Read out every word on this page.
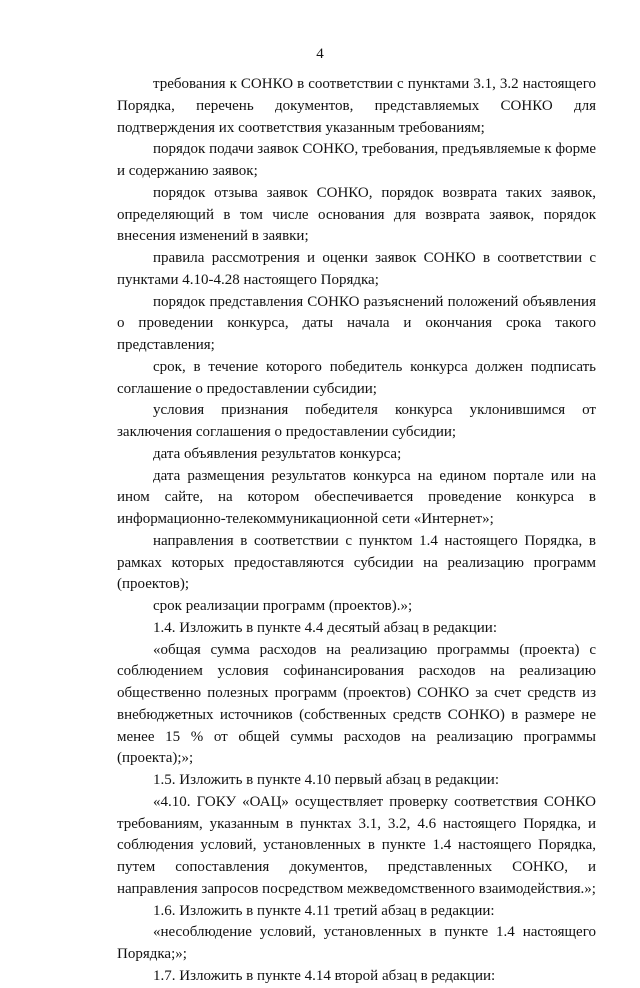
4

требования к СОНКО в соответствии с пунктами 3.1, 3.2 настоящего Порядка, перечень документов, представляемых СОНКО для подтверждения их соответствия указанным требованиям;

порядок подачи заявок СОНКО, требования, предъявляемые к форме и содержанию заявок;

порядок отзыва заявок СОНКО, порядок возврата таких заявок, определяющий в том числе основания для возврата заявок, порядок внесения изменений в заявки;

правила рассмотрения и оценки заявок СОНКО в соответствии с пунктами 4.10-4.28 настоящего Порядка;

порядок представления СОНКО разъяснений положений объявления о проведении конкурса, даты начала и окончания срока такого представления;

срок, в течение которого победитель конкурса должен подписать соглашение о предоставлении субсидии;

условия признания победителя конкурса уклонившимся от заключения соглашения о предоставлении субсидии;

дата объявления результатов конкурса;

дата размещения результатов конкурса на едином портале или на ином сайте, на котором обеспечивается проведение конкурса в информационно-телекоммуникационной сети «Интернет»;

направления в соответствии с пунктом 1.4 настоящего Порядка, в рамках которых предоставляются субсидии на реализацию программ (проектов);

срок реализации программ (проектов).»;

1.4. Изложить в пункте 4.4 десятый абзац в редакции:

«общая сумма расходов на реализацию программы (проекта) с соблюдением условия софинансирования расходов на реализацию общественно полезных программ (проектов) СОНКО за счет средств из внебюджетных источников (собственных средств СОНКО) в размере не менее 15 % от общей суммы расходов на реализацию программы (проекта);»;

1.5. Изложить в пункте 4.10 первый абзац в редакции:

«4.10. ГОКУ «ОАЦ» осуществляет проверку соответствия СОНКО требованиям, указанным в пунктах 3.1, 3.2, 4.6 настоящего Порядка, и соблюдения условий, установленных в пункте 1.4 настоящего Порядка, путем сопоставления документов, представленных СОНКО, и направления запросов посредством межведомственного взаимодействия.»;

1.6. Изложить в пункте 4.11 третий абзац в редакции:

«несоблюдение условий, установленных в пункте 1.4 настоящего Порядка;»;

1.7. Изложить в пункте 4.14 второй абзац в редакции:
